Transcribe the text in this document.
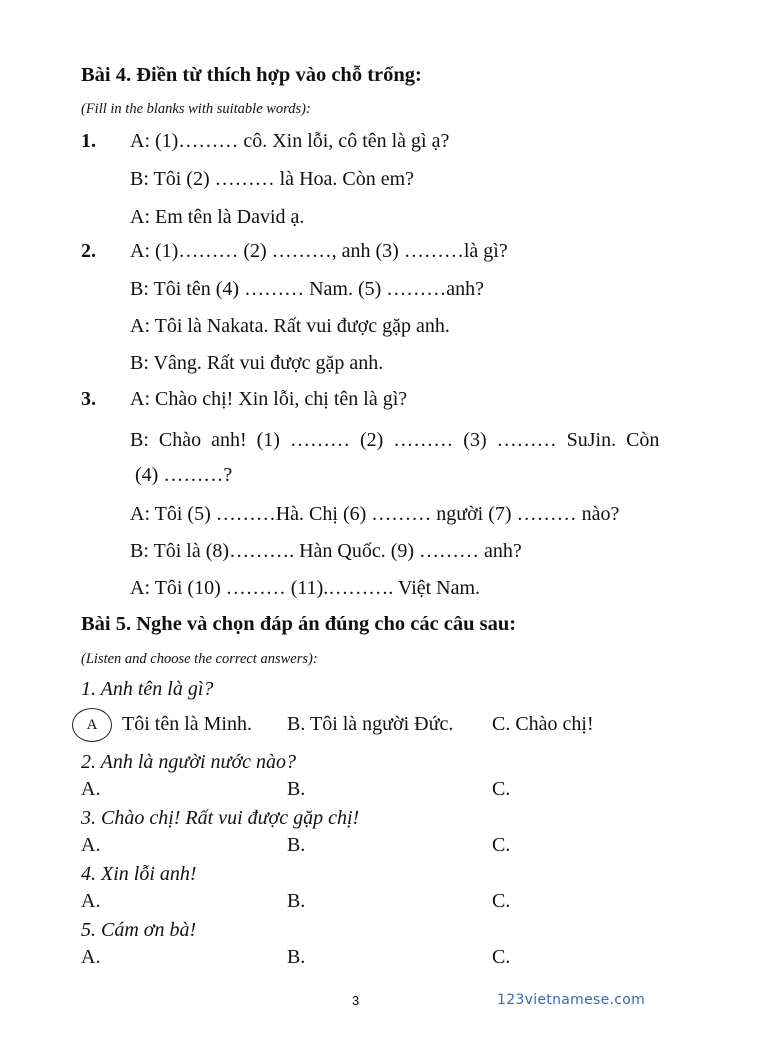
Bài 4. Điền từ thích hợp vào chỗ trống:
(Fill in the blanks with suitable words):
1. A: (1)……… cô. Xin lỗi, cô tên là gì ạ?
B: Tôi (2) ……… là Hoa. Còn em?
A: Em tên là David ạ.
2. A: (1)……… (2) ………, anh (3) ………là gì?
B: Tôi tên (4) ……… Nam. (5) ………anh?
A: Tôi là Nakata. Rất vui được gặp anh.
B: Vâng. Rất vui được gặp anh.
3. A: Chào chị! Xin lỗi, chị tên là gì?
B: Chào anh! (1) ……… (2) ……… (3) ……… SuJin. Còn
(4) ………?
A: Tôi (5) ………Hà. Chị (6) ……… người (7) ……… nào?
B: Tôi là (8)………. Hàn Quốc. (9) ……… anh?
A: Tôi (10) ……… (11).………. Việt Nam.
Bài 5. Nghe và chọn đáp án đúng cho các câu sau:
(Listen and choose the correct answers):
1. Anh tên là gì?
A	Tôi tên là Minh. B. Tôi là người Đức. C. Chào chị!
2. Anh là người nước nào?
A.	B.	C.
3. Chào chị! Rất vui được gặp chị!
A.	B.	C.
4. Xin lỗi anh!
A.	B.	C.
5. Cám ơn bà!
A.	B.	C.
3	123vietnamese.com
